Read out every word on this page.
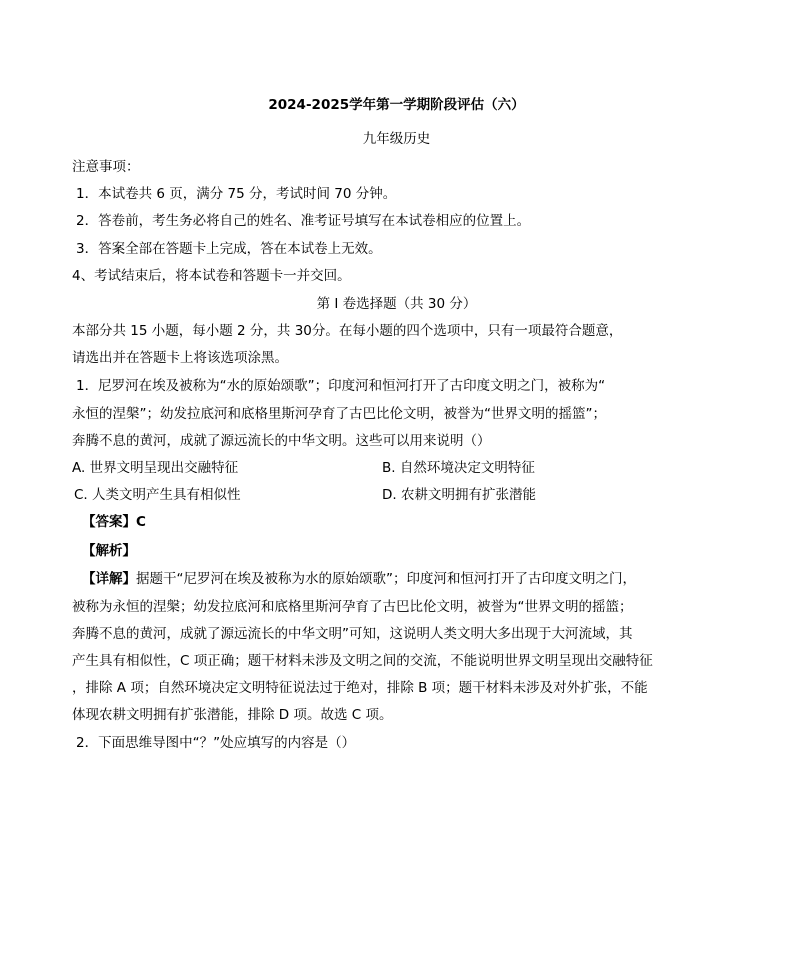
2024-2025学年第一学期阶段评估（六）
九年级历史
注意事项：
1．本试卷共 6 页，满分 75 分，考试时间 70 分钟。
2．答卷前，考生务必将自己的姓名、准考证号填写在本试卷相应的位置上。
3．答案全部在答题卡上完成，答在本试卷上无效。
4、考试结束后，将本试卷和答题卡一并交回。
第 I 卷选择题（共 30 分）
本部分共 15 小题，每小题 2 分，共 30分。在每小题的四个选项中，只有一项最符合题意，
请选出并在答题卡上将该选项涂黑。
1．尼罗河在埃及被称为“水的原始颂歌”；印度河和恒河打开了古印度文明之门，被称为“
永恒的涅槃”；幼发拉底河和底格里斯河孕育了古巴比伦文明，被誉为“世界文明的摇篮”；
奔腾不息的黄河，成就了源远流长的中华文明。这些可以用来说明（）
A. 世界文明呈现出交融特征	B. 自然环境决定文明特征
C. 人类文明产生具有相似性	D. 农耕文明拥有扩张潜能
【答案】C
【解析】
【详解】据题干“尼罗河在埃及被称为水的原始颂歌”；印度河和恒河打开了古印度文明之门，
被称为永恒的涅槃；幼发拉底河和底格里斯河孕育了古巴比伦文明，被誉为“世界文明的摇篮；
奔腾不息的黄河，成就了源远流长的中华文明”可知，这说明人类文明大多出现于大河流域，其
产生具有相似性，C 项正确；题干材料未涉及文明之间的交流，不能说明世界文明呈现出交融特征
，排除 A 项；自然环境决定文明特征说法过于绝对，排除 B 项；题干材料未涉及对外扩张，不能
体现农耕文明拥有扩张潜能，排除 D 项。故选 C 项。
2．下面思维导图中“？”处应填写的内容是（）
